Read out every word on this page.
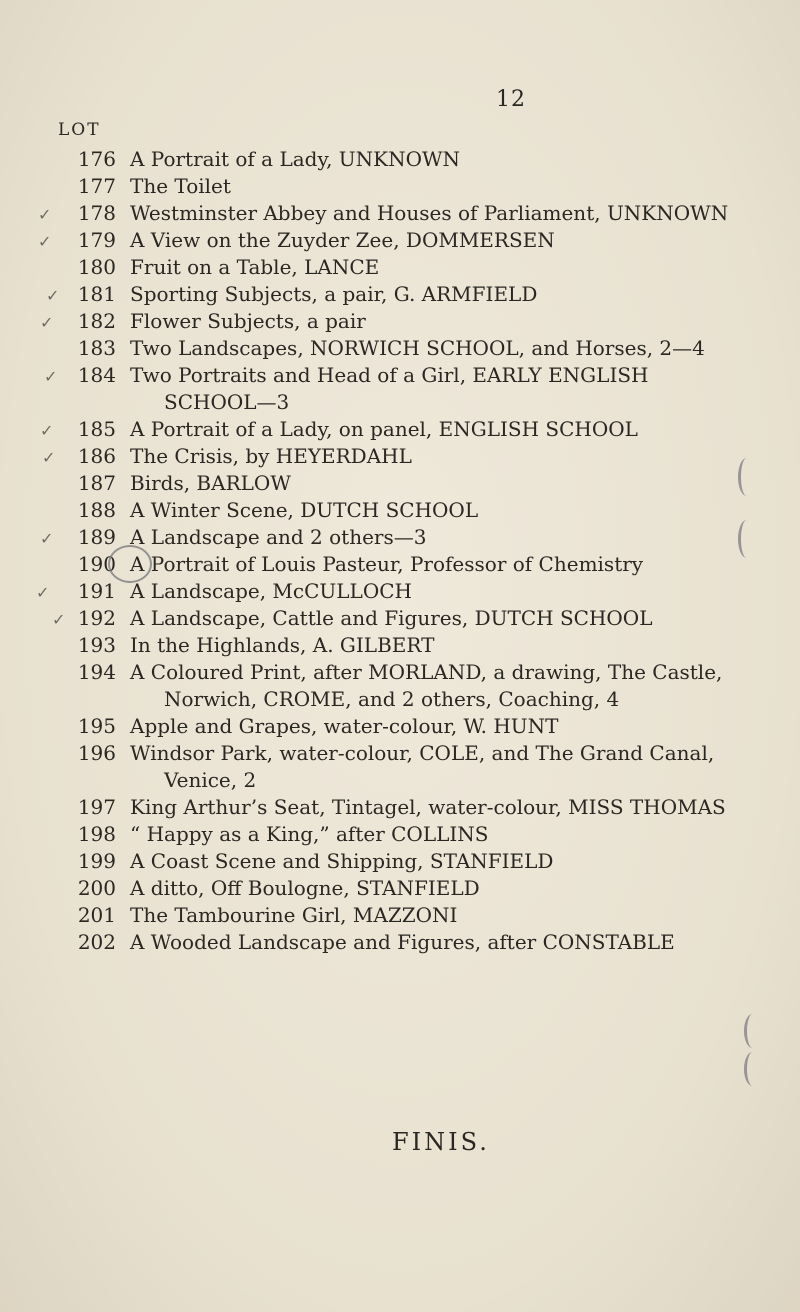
12
LOT
176 A Portrait of a Lady, UNKNOWN
177 The Toilet
178 Westminster Abbey and Houses of Parliament, UNKNOWN
179 A View on the Zuyder Zee, DOMMERSEN
180 Fruit on a Table, LANCE
181 Sporting Subjects, a pair, G. ARMFIELD
182 Flower Subjects, a pair
183 Two Landscapes, NORWICH SCHOOL, and Horses, 2—4
184 Two Portraits and Head of a Girl, EARLY ENGLISH
SCHOOL—3
185 A Portrait of a Lady, on panel, ENGLISH SCHOOL
186 The Crisis, by HEYERDAHL
187 Birds, BARLOW
188 A Winter Scene, DUTCH SCHOOL
189 A Landscape and 2 others—3
190 A Portrait of Louis Pasteur, Professor of Chemistry
191 A Landscape, McCULLOCH
192 A Landscape, Cattle and Figures, DUTCH SCHOOL
193 In the Highlands, A. GILBERT
194 A Coloured Print, after MORLAND, a drawing, The Castle,
Norwich, CROME, and 2 others, Coaching, 4
195 Apple and Grapes, water-colour, W. HUNT
196 Windsor Park, water-colour, COLE, and The Grand Canal,
Venice, 2
197 King Arthur’s Seat, Tintagel, water-colour, MISS THOMAS
198 “ Happy as a King,” after COLLINS
199 A Coast Scene and Shipping, STANFIELD
200 A ditto, Off Boulogne, STANFIELD
201 The Tambourine Girl, MAZZONI
202 A Wooded Landscape and Figures, after CONSTABLE
FINIS.
✓
✓
✓
✓
✓
✓
✓
✓
✓
✓
